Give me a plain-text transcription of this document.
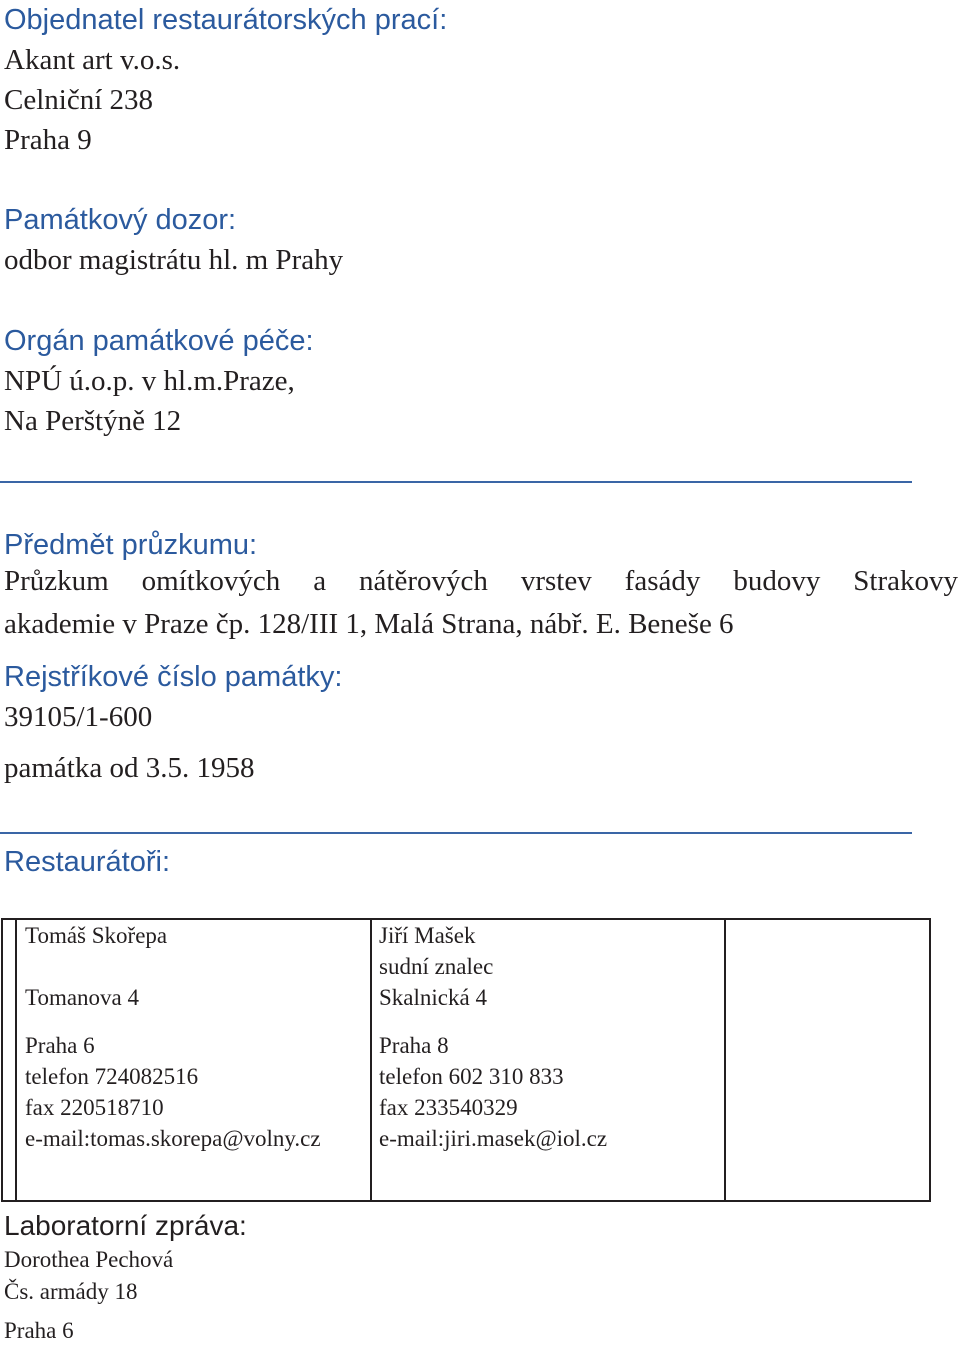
Objednatel restaurátorských prací:
Akant art v.o.s.
Celniční 238
Praha 9
Památkový dozor:
odbor magistrátu hl. m Prahy
Orgán památkové péče:
NPÚ ú.o.p. v hl.m.Praze,
Na Perštýně 12
Předmět průzkumu:
Průzkum omítkových a nátěrových vrstev fasády budovy Strakovy
akademie v Praze čp. 128/III 1, Malá Strana, nábř. E. Beneše 6
Rejstříkové číslo památky:
39105/1-600
památka od 3.5. 1958
Restaurátoři:

Tomáš Skořepa
Tomanova 4
Praha 6
telefon 724082516
fax 220518710
e-mail:tomas.skorepa@volny.cz

Jiří Mašek
sudní znalec
Skalnická 4
Praha 8
telefon 602 310 833
fax 233540329
e-mail:jiri.masek@iol.cz

Laboratorní zpráva:
Dorothea Pechová
Čs. armády 18
Praha 6
